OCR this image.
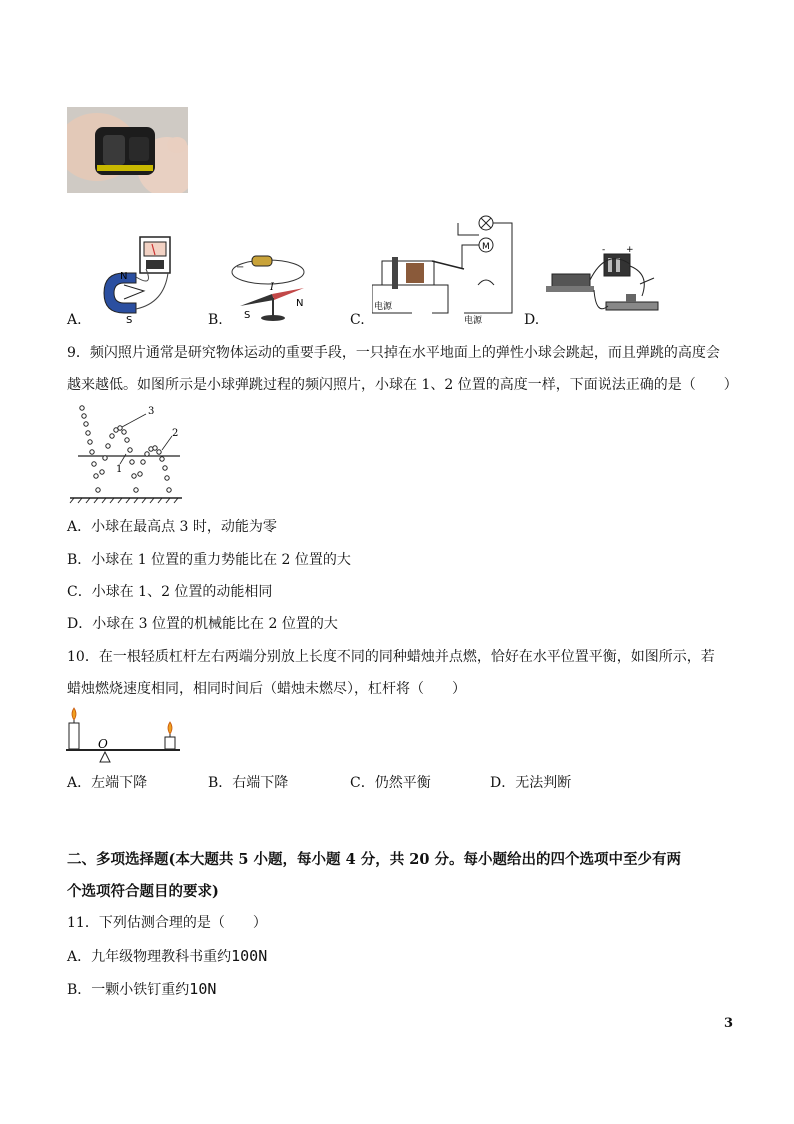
N
S
−
I
S
N
M
电源
电源
- +
A.	B.	C.	D.
9．频闪照片通常是研究物体运动的重要手段，一只掉在水平地面上的弹性小球会跳起，而且弹跳的高度会
越来越低。如图所示是小球弹跳过程的频闪照片，小球在 1、2 位置的高度一样，下面说法正确的是（　　）
3
2
1
A．小球在最高点 3 时，动能为零
B．小球在 1 位置的重力势能比在 2 位置的大
C．小球在 1、2 位置的动能相同
D．小球在 3 位置的机械能比在 2 位置的大
10．在一根轻质杠杆左右两端分别放上长度不同的同种蜡烛并点燃，恰好在水平位置平衡，如图所示，若
蜡烛燃烧速度相同，相同时间后（蜡烛未燃尽），杠杆将（　　）
O
A．左端下降	B．右端下降	C．仍然平衡	D．无法判断
二、多项选择题(本大题共 5 小题，每小题 4 分，共 20 分。每小题给出的四个选项中至少有两
个选项符合题目的要求)
11．下列估测合理的是（　　）
A．九年级物理教科书重约100N
B．一颗小铁钉重约10N
3
